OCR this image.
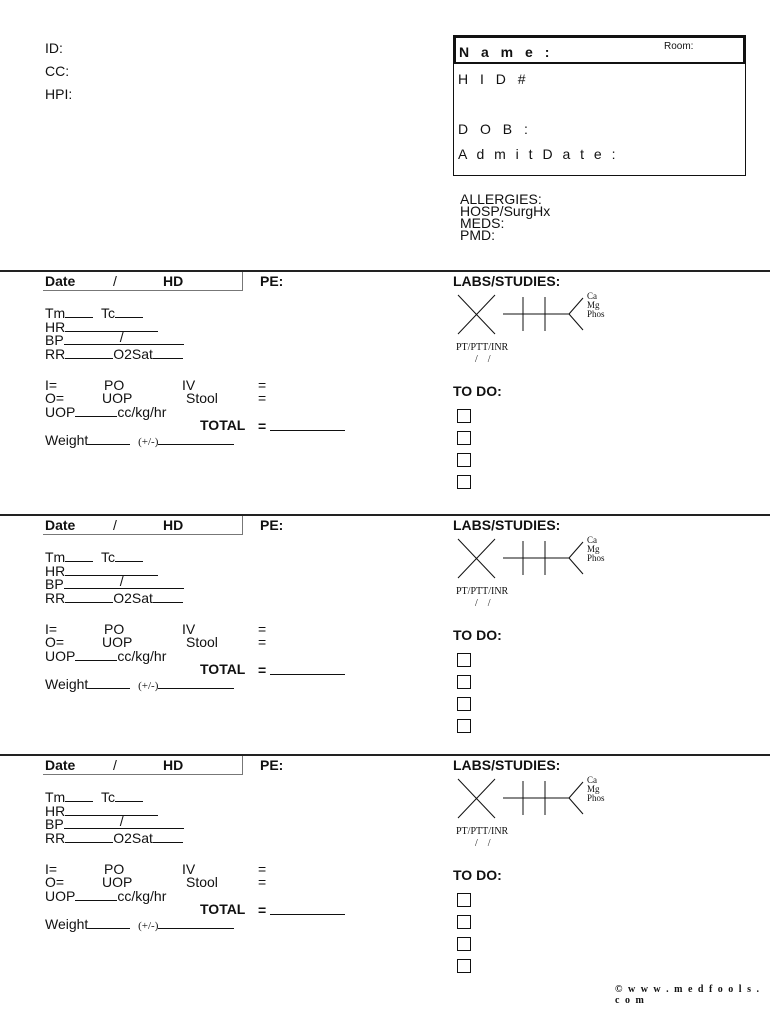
ID:
CC:
HPI:
N a m e :	Room:
H I D #
D O B :
A d m i t D a t e :
ALLERGIES:
HOSP/SurgHx
MEDS:
PMD:
Date	/	HD	PE:	LABS/STUDIES:
Tm	Tc
HR
BP	/
RR	O2Sat
I=	PO	IV	=
O=	UOP	Stool	=
UOP	cc/kg/hr
TOTAL =
Weight	(+/-)
Ca
Mg
Phos
PT/PTT/INR
/    /
TO DO:
Date	/	HD	PE:	LABS/STUDIES:
Tm	Tc
HR
BP	/
RR	O2Sat
I=	PO	IV	=
O=	UOP	Stool	=
UOP	cc/kg/hr
TOTAL =
Weight	(+/-)
Ca
Mg
Phos
PT/PTT/INR
/    /
TO DO:
Date	/	HD	PE:	LABS/STUDIES:
Tm	Tc
HR
BP	/
RR	O2Sat
I=	PO	IV	=
O=	UOP	Stool	=
UOP	cc/kg/hr
TOTAL =
Weight	(+/-)
Ca
Mg
Phos
PT/PTT/INR
/    /
TO DO:
© w w w . m e d f o o l s . c o m
